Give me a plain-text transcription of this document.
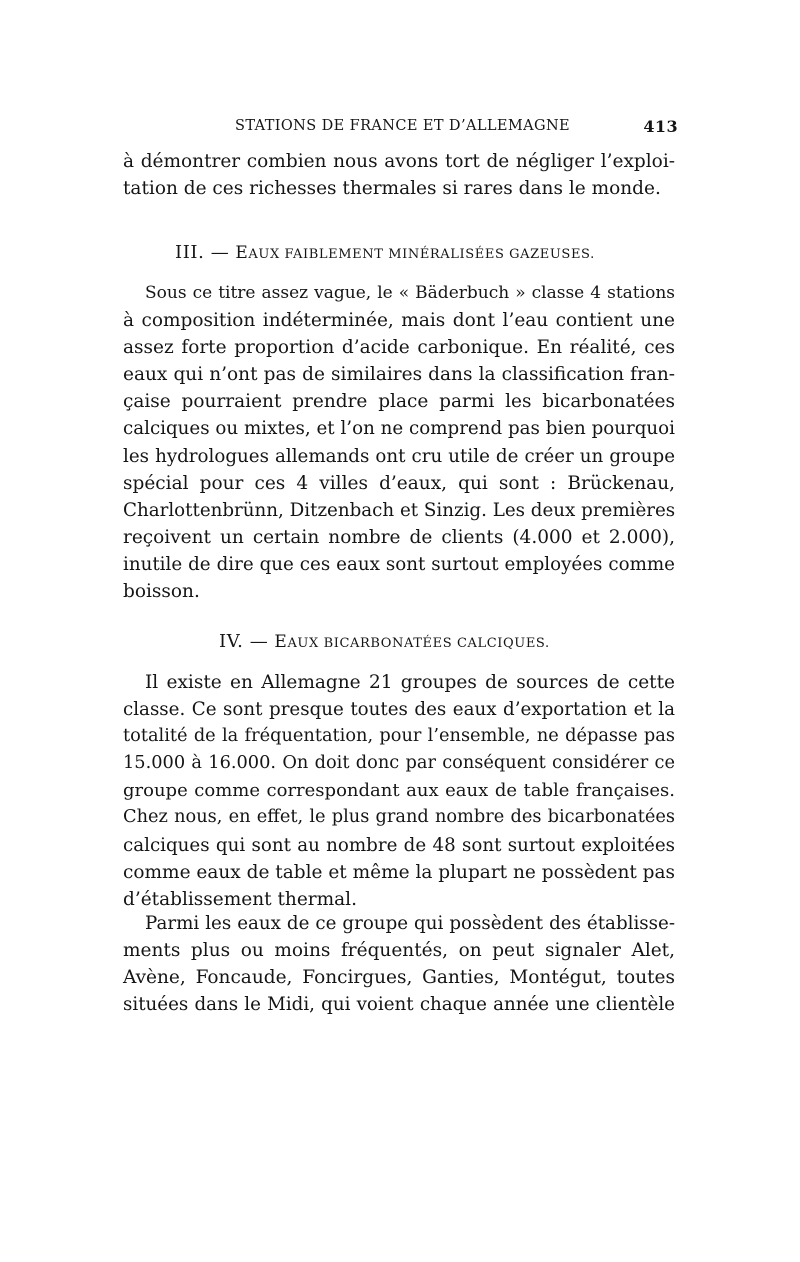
STATIONS DE FRANCE ET D’ALLEMAGNE	413
à démontrer combien nous avons tort de négliger l’exploi-
tation de ces richesses thermales si rares dans le monde.
III. — EAUX FAIBLEMENT MINÉRALISÉES GAZEUSES.
Sous ce titre assez vague, le « Bäderbuch » classe 4 stations
à composition indéterminée, mais dont l’eau contient une
assez forte proportion d’acide carbonique. En réalité, ces
eaux qui n’ont pas de similaires dans la classification fran-
çaise pourraient prendre place parmi les bicarbonatées
calciques ou mixtes, et l’on ne comprend pas bien pourquoi
les hydrologues allemands ont cru utile de créer un groupe
spécial pour ces 4 villes d’eaux, qui sont : Brückenau,
Charlottenbrünn, Ditzenbach et Sinzig. Les deux premières
reçoivent un certain nombre de clients (4.000 et 2.000),
inutile de dire que ces eaux sont surtout employées comme
boisson.
IV. — EAUX BICARBONATÉES CALCIQUES.
Il existe en Allemagne 21 groupes de sources de cette
classe. Ce sont presque toutes des eaux d’exportation et la
totalité de la fréquentation, pour l’ensemble, ne dépasse pas
15.000 à 16.000. On doit donc par conséquent considérer ce
groupe comme correspondant aux eaux de table françaises.
Chez nous, en effet, le plus grand nombre des bicarbonatées
calciques qui sont au nombre de 48 sont surtout exploitées
comme eaux de table et même la plupart ne possèdent pas
d’établissement thermal.
Parmi les eaux de ce groupe qui possèdent des établisse-
ments plus ou moins fréquentés, on peut signaler Alet,
Avène, Foncaude, Foncirgues, Ganties, Montégut, toutes
situées dans le Midi, qui voient chaque année une clientèle
